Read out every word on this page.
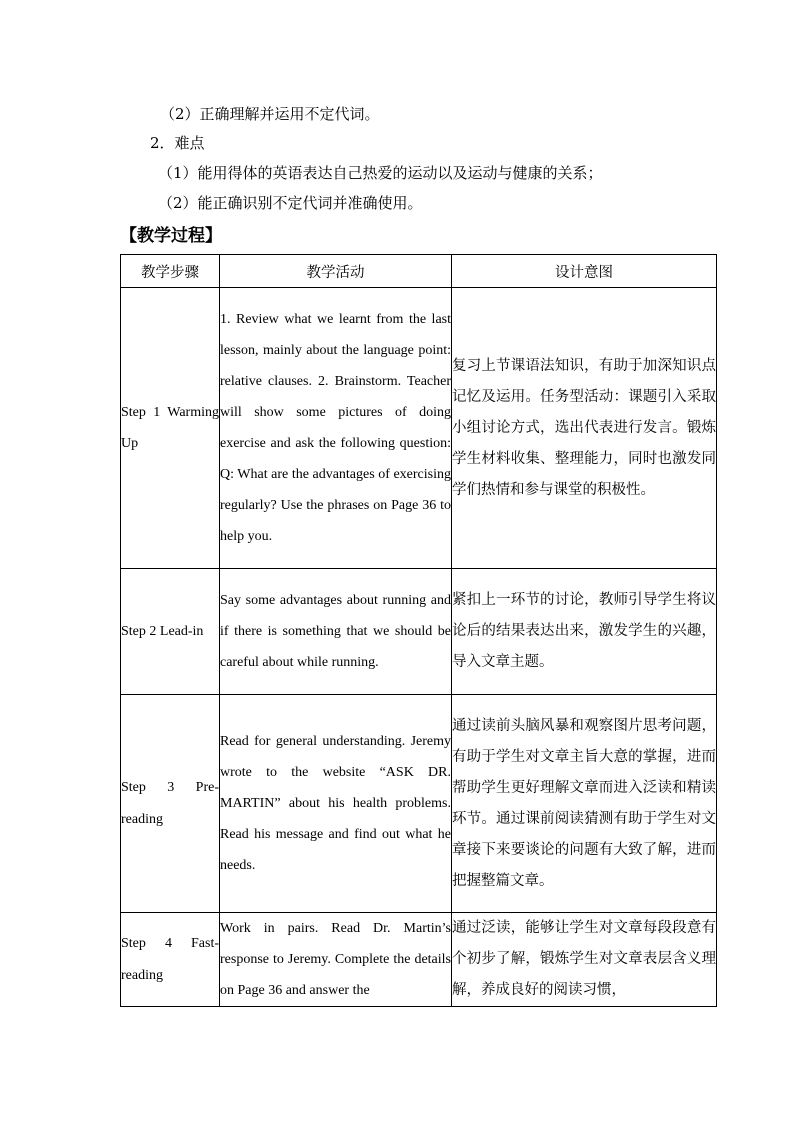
（2）正确理解并运用不定代词。
2．难点
（1）能用得体的英语表达自己热爱的运动以及运动与健康的关系；
（2）能正确识别不定代词并准确使用。
【教学过程】
教学步骤	教学活动	设计意图
Step 1 Warming Up	1. Review what we learnt from the last lesson, mainly about the language point: relative clauses. 2. Brainstorm. Teacher will show some pictures of doing exercise and ask the following question: Q: What are the advantages of exercising regularly? Use the phrases on Page 36 to help you.	复习上节课语法知识，有助于加深知识点记忆及运用。任务型活动：课题引入采取小组讨论方式，选出代表进行发言。锻炼学生材料收集、整理能力，同时也激发同学们热情和参与课堂的积极性。
Step 2 Lead-in	Say some advantages about running and if there is something that we should be careful about while running.	紧扣上一环节的讨论，教师引导学生将议论后的结果表达出来，激发学生的兴趣，导入文章主题。
Step 3 Pre-reading	Read for general understanding. Jeremy wrote to the website “ASK DR. MARTIN” about his health problems. Read his message and find out what he needs.	通过读前头脑风暴和观察图片思考问题，有助于学生对文章主旨大意的掌握，进而帮助学生更好理解文章而进入泛读和精读环节。通过课前阅读猜测有助于学生对文章接下来要谈论的问题有大致了解，进而把握整篇文章。
Step 4 Fast-reading	Work in pairs. Read Dr. Martin’s response to Jeremy. Complete the details on Page 36 and answer the	通过泛读，能够让学生对文章每段段意有个初步了解，锻炼学生对文章表层含义理解，养成良好的阅读习惯，
